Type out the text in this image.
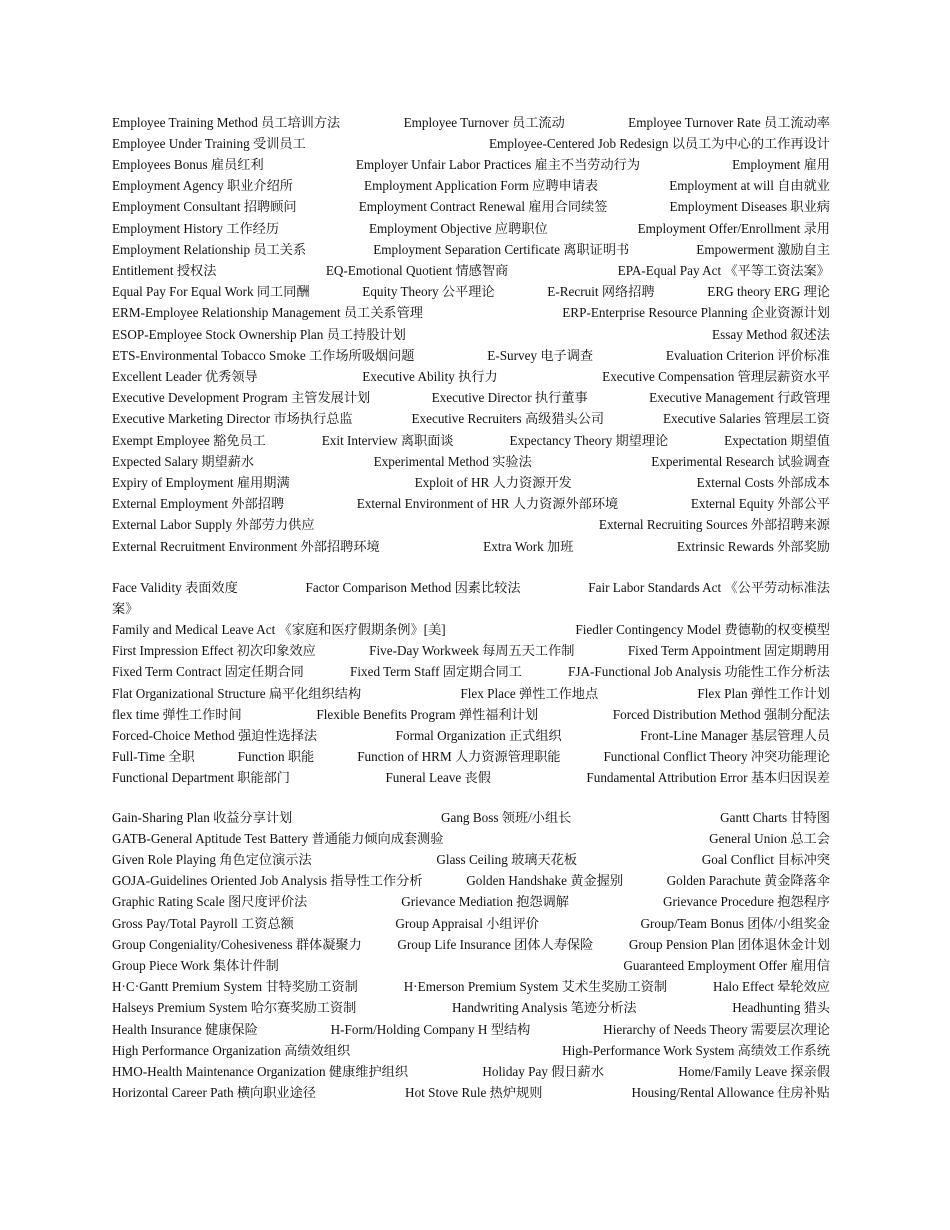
Employee Training Method 员工培训方法	Employee Turnover 员工流动	Employee Turnover Rate 员工流动率
Employee Under Training 受训员工	Employee-Centered Job Redesign 以员工为中心的工作再设计
Employees Bonus 雇员红利	Employer Unfair Labor Practices 雇主不当劳动行为	Employment 雇用
Employment Agency 职业介绍所	Employment Application Form 应聘申请表	Employment at will 自由就业
Employment Consultant 招聘顾问	Employment Contract Renewal 雇用合同续签	Employment Diseases 职业病
Employment History 工作经历	Employment Objective 应聘职位	Employment Offer/Enrollment 录用
Employment Relationship 员工关系	Employment Separation Certificate 离职证明书	Empowerment 激励自主
Entitlement 授权法	EQ-Emotional Quotient 情感智商	EPA-Equal Pay Act 《平等工资法案》
Equal Pay For Equal Work 同工同酬	Equity Theory 公平理论	E-Recruit 网络招聘	ERG theory ERG 理论
ERM-Employee Relationship Management 员工关系管理	ERP-Enterprise Resource Planning 企业资源计划
ESOP-Employee Stock Ownership Plan 员工持股计划	Essay Method 叙述法
ETS-Environmental Tobacco Smoke 工作场所吸烟问题	E-Survey 电子调查	Evaluation Criterion 评价标准
Excellent Leader 优秀领导	Executive Ability 执行力	Executive Compensation 管理层薪资水平
Executive Development Program 主管发展计划	Executive Director 执行董事	Executive Management 行政管理
Executive Marketing Director 市场执行总监	Executive Recruiters 高级猎头公司	Executive Salaries 管理层工资
Exempt Employee 豁免员工	Exit Interview 离职面谈	Expectancy Theory 期望理论	Expectation 期望值
Expected Salary 期望薪水	Experimental Method 实验法	Experimental Research 试验调查
Expiry of Employment 雇用期满	Exploit of HR 人力资源开发	External Costs 外部成本
External Employment 外部招聘	External Environment of HR 人力资源外部环境	External Equity 外部公平
External Labor Supply 外部劳力供应	External Recruiting Sources 外部招聘来源
External Recruitment Environment 外部招聘环境	Extra Work 加班	Extrinsic Rewards 外部奖励
Face Validity 表面效度	Factor Comparison Method 因素比较法	Fair Labor Standards Act 《公平劳动标准法
案》
Family and Medical Leave Act 《家庭和医疗假期条例》[美]	Fiedler Contingency Model 费德勒的权变模型
First Impression Effect 初次印象效应	Five-Day Workweek 每周五天工作制	Fixed Term Appointment 固定期聘用
Fixed Term Contract 固定任期合同	Fixed Term Staff 固定期合同工	FJA-Functional Job Analysis 功能性工作分析法
Flat Organizational Structure 扁平化组织结构	Flex Place 弹性工作地点	Flex Plan 弹性工作计划
flex time 弹性工作时间	Flexible Benefits Program 弹性福利计划	Forced Distribution Method 强制分配法
Forced-Choice Method 强迫性选择法	Formal Organization 正式组织	Front-Line Manager 基层管理人员
Full-Time 全职	Function 职能	Function of HRM 人力资源管理职能	Functional Conflict Theory 冲突功能理论
Functional Department 职能部门	Funeral Leave 丧假	Fundamental Attribution Error 基本归因误差
Gain-Sharing Plan 收益分享计划	Gang Boss 领班/小组长	Gantt Charts 甘特图
GATB-General Aptitude Test Battery 普通能力倾向成套测验	General Union 总工会
Given Role Playing 角色定位演示法	Glass Ceiling 玻璃天花板	Goal Conflict 目标冲突
GOJA-Guidelines Oriented Job Analysis 指导性工作分析	Golden Handshake 黄金握别	Golden Parachute 黄金降落伞
Graphic Rating Scale 图尺度评价法	Grievance Mediation 抱怨调解	Grievance Procedure 抱怨程序
Gross Pay/Total Payroll 工资总额	Group Appraisal 小组评价	Group/Team Bonus 团体/小组奖金
Group Congeniality/Cohesiveness 群体凝聚力	Group Life Insurance 团体人寿保险	Group Pension Plan 团体退休金计划
Group Piece Work 集体计件制	Guaranteed Employment Offer 雇用信
H·C·Gantt Premium System 甘特奖励工资制	H·Emerson Premium System 艾术生奖励工资制	Halo Effect 晕轮效应
Halseys Premium System 哈尔赛奖励工资制	Handwriting Analysis 笔迹分析法	Headhunting 猎头
Health Insurance 健康保险	H-Form/Holding Company H 型结构	Hierarchy of Needs Theory 需要层次理论
High Performance Organization 高绩效组织	High-Performance Work System 高绩效工作系统
HMO-Health Maintenance Organization 健康维护组织	Holiday Pay 假日薪水	Home/Family Leave 探亲假
Horizontal Career Path 横向职业途径	Hot Stove Rule 热炉规则	Housing/Rental Allowance 住房补贴
